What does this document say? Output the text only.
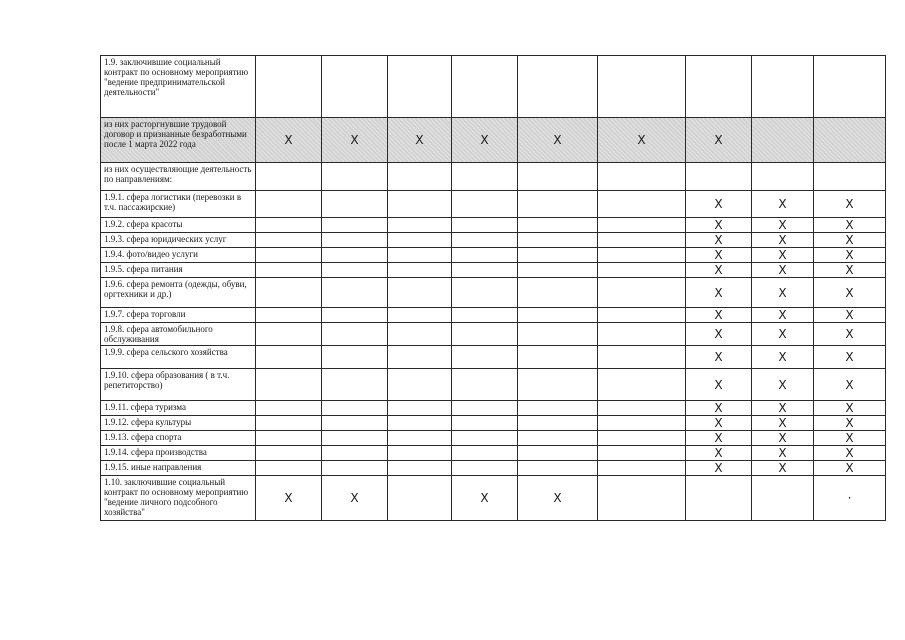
1.9. заключившие социальный контракт по основному мероприятию "ведение предпринимательской деятельности"									
из них расторгнувшие трудовой договор и признанные безработными после 1 марта 2022 года	Х	Х	Х	Х	Х	Х	Х		
из них осуществляющие деятельность по направлениям:									
1.9.1. сфера логистики (перевозки в т.ч. пассажирские)							Х	Х	Х
1.9.2. сфера красоты							Х	Х	Х
1.9.3. сфера юридических услуг							Х	Х	Х
1.9.4. фото/видео услуги							Х	Х	Х
1.9.5. сфера питания							Х	Х	Х
1.9.6. сфера ремонта (одежды, обуви, оргтехники и др.)							Х	Х	Х
1.9.7. сфера торговли							Х	Х	Х
1.9.8. сфера автомобильного обслуживания							Х	Х	Х
1.9.9. сфера сельского хозяйства							Х	Х	Х
1.9.10. сфера образования ( в т.ч. репетиторство)							Х	Х	Х
1.9.11. сфера туризма							Х	Х	Х
1.9.12. сфера культуры							Х	Х	Х
1.9.13. сфера спорта							Х	Х	Х
1.9.14. сфера производства							Х	Х	Х
1.9.15. иные направления							Х	Х	Х
1.10. заключившие социальный контракт по основному мероприятию "ведение личного подсобного хозяйства"	Х	Х		Х	Х				·
